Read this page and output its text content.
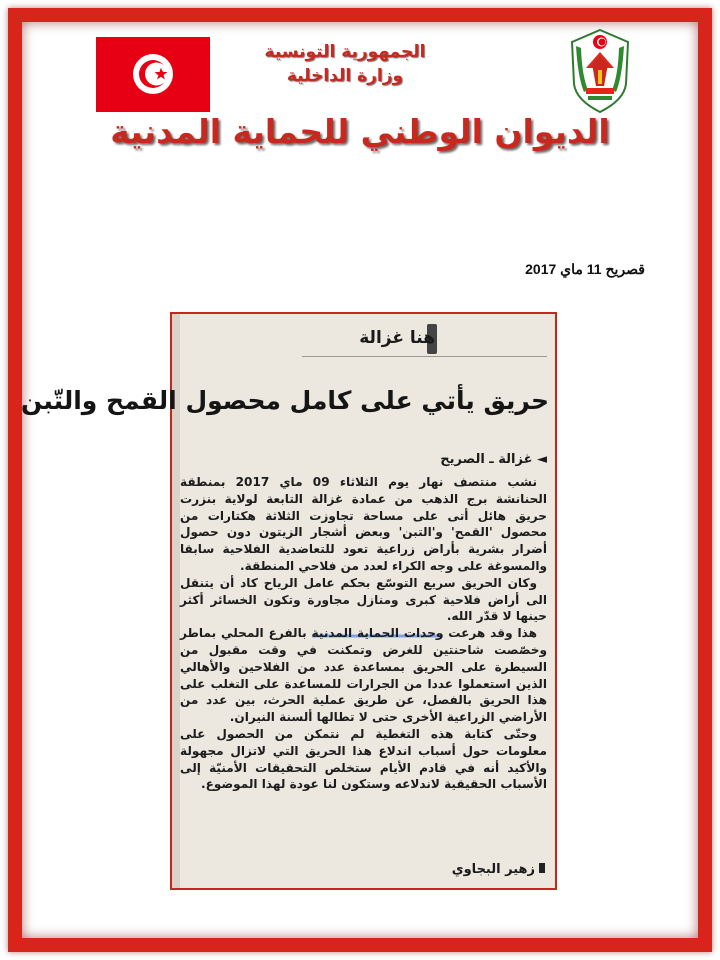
الجمهورية التونسية
وزارة الداخلية
الديوان الوطني للحماية المدنية
قصريح 11 ماي 2017
هنا غزالة
حريق يأتي على كامل محصول القمح والتّبن
◄ غزالة ـ الصريح

نشب منتصف نهار يوم الثلاثاء 09 ماي 2017 بمنطقة الحنانشة برج الذهب من عمادة غزالة التابعة لولاية بنزرت حريق هائل أتى على مساحة تجاوزت الثلاثة هكتارات من محصول 'القمح' و'التبن' وبعض أشجار الزيتون دون حصول أضرار بشرية بأراض زراعية تعود للتعاضدية الفلاحية سابقا والمسوغة على وجه الكراء لعدد من فلاحي المنطقة.

وكان الحريق سريع التوسّع بحكم عامل الرياح كاد أن يتنقل الى أراض فلاحية كبرى ومنازل مجاورة وتكون الخسائر أكثر حينها لا قدّر الله.

هذا وقد هرعت وحدات الحماية المدنية بالفرع المحلي بماطر وخصّصت شاحنتين للغرض وتمكنت في وقت مقبول من السيطرة على الحريق بمساعدة عدد من الفلاحين والأهالي الذين استعملوا عددا من الجرارات للمساعدة على التغلب على هذا الحريق بالفصل، عن طريق عملية الحرث، بين عدد من الأراضي الزراعية الأخرى حتى لا تطالها ألسنة النيران.

وحتّى كتابة هذه التغطية لم نتمكن من الحصول على معلومات حول أسباب اندلاع هذا الحريق التي لاتزال مجهولة والأكيد أنه في قادم الأيام ستخلص التحقيقات الأمنيّة إلى الأسباب الحقيقية لاندلاعه وستكون لنا عودة لهذا الموضوع.

زهير البجاوي
